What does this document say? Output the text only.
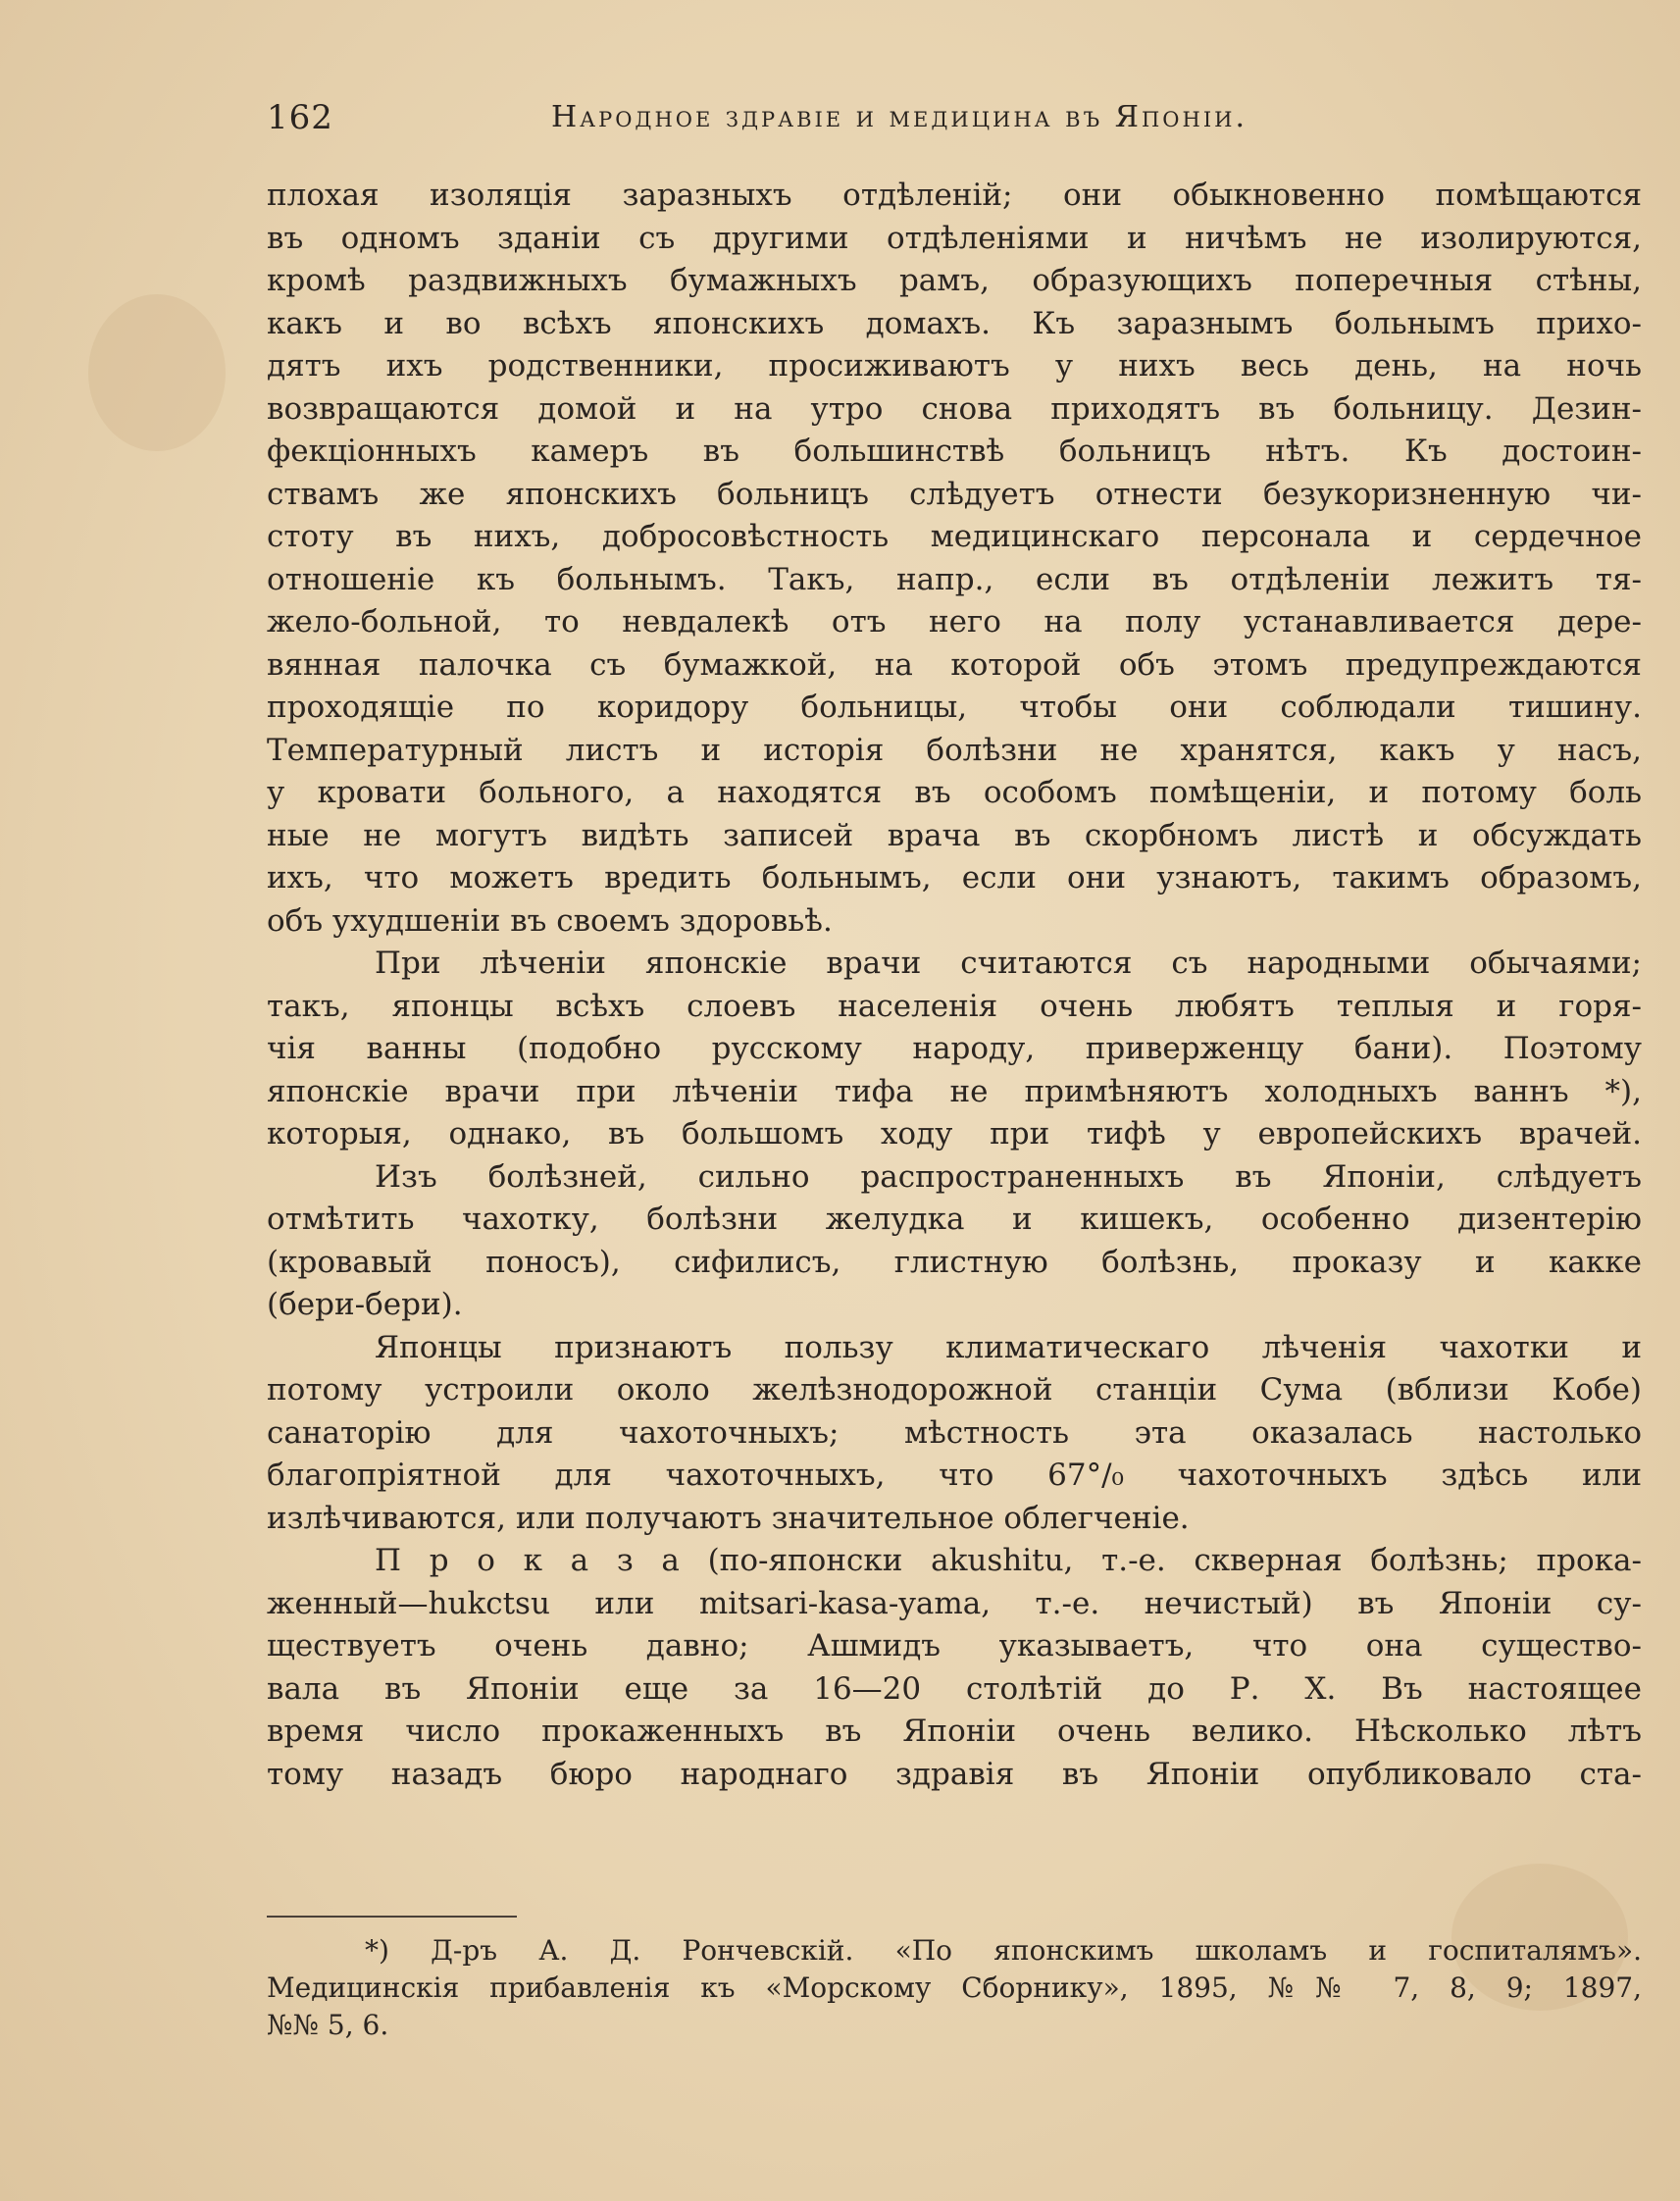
162	Народное здравіе и медицина въ Японіи.
плохая изоляція заразныхъ отдѣленій; они обыкновенно помѣщаются
въ одномъ зданіи съ другими отдѣленіями и ничѣмъ не изолируются,
кромѣ раздвижныхъ бумажныхъ рамъ, образующихъ поперечныя стѣны,
какъ и во всѣхъ японскихъ домахъ. Къ заразнымъ больнымъ прихо-
дятъ ихъ родственники, просиживаютъ у нихъ весь день, на ночь
возвращаются домой и на утро снова приходятъ въ больницу. Дезин-
фекціонныхъ камеръ въ большинствѣ больницъ нѣтъ. Къ достоин-
ствамъ же японскихъ больницъ слѣдуетъ отнести безукоризненную чи-
стоту въ нихъ, добросовѣстность медицинскаго персонала и сердечное
отношеніе къ больнымъ. Такъ, напр., если въ отдѣленіи лежитъ тя-
жело-больной, то невдалекѣ отъ него на полу устанавливается дере-
вянная палочка съ бумажкой, на которой объ этомъ предупреждаются
проходящіе по коридору больницы, чтобы они соблюдали тишину.
Температурный листъ и исторія болѣзни не хранятся, какъ у насъ,
у кровати больного, а находятся въ особомъ помѣщеніи, и потому боль
ные не могутъ видѣть записей врача въ скорбномъ листѣ и обсуждать
ихъ, что можетъ вредить больнымъ, если они узнаютъ, такимъ образомъ,
объ ухудшеніи въ своемъ здоровьѣ.
При лѣченіи японскіе врачи считаются съ народными обычаями;
такъ, японцы всѣхъ слоевъ населенія очень любятъ теплыя и горя-
чія ванны (подобно русскому народу, приверженцу бани). Поэтому
японскіе врачи при лѣченіи тифа не примѣняютъ холодныхъ ваннъ *),
которыя, однако, въ большомъ ходу при тифѣ у европейскихъ врачей.
Изъ болѣзней, сильно распространенныхъ въ Японіи, слѣдуетъ
отмѣтить чахотку, болѣзни желудка и кишекъ, особенно дизентерію
(кровавый поносъ), сифилисъ, глистную болѣзнь, проказу и какке
(бери-бери).
Японцы признаютъ пользу климатическаго лѣченія чахотки и
потому устроили около желѣзнодорожной станціи Сума (вблизи Кобе)
санаторію для чахоточныхъ; мѣстность эта оказалась настолько
благопріятной для чахоточныхъ, что 67°/₀ чахоточныхъ здѣсь или
излѣчиваются, или получаютъ значительное облегченіе.
П р о к а з а (по-японски akushitu, т.-е. скверная болѣзнь; прока-
женный—hukctsu или mitsari-kasa-yama, т.-е. нечистый) въ Японіи су-
ществуетъ очень давно; Ашмидъ указываетъ, что она существо-
вала въ Японіи еще за 16—20 столѣтій до Р. Х. Въ настоящее
время число прокаженныхъ въ Японіи очень велико. Нѣсколько лѣтъ
тому назадъ бюро народнаго здравія въ Японіи опубликовало ста-
*) Д-ръ А. Д. Рончевскій. «По японскимъ школамъ и госпиталямъ».
Медицинскія прибавленія къ «Морскому Сборнику», 1895, №№ 7, 8, 9; 1897,
№№ 5, 6.
